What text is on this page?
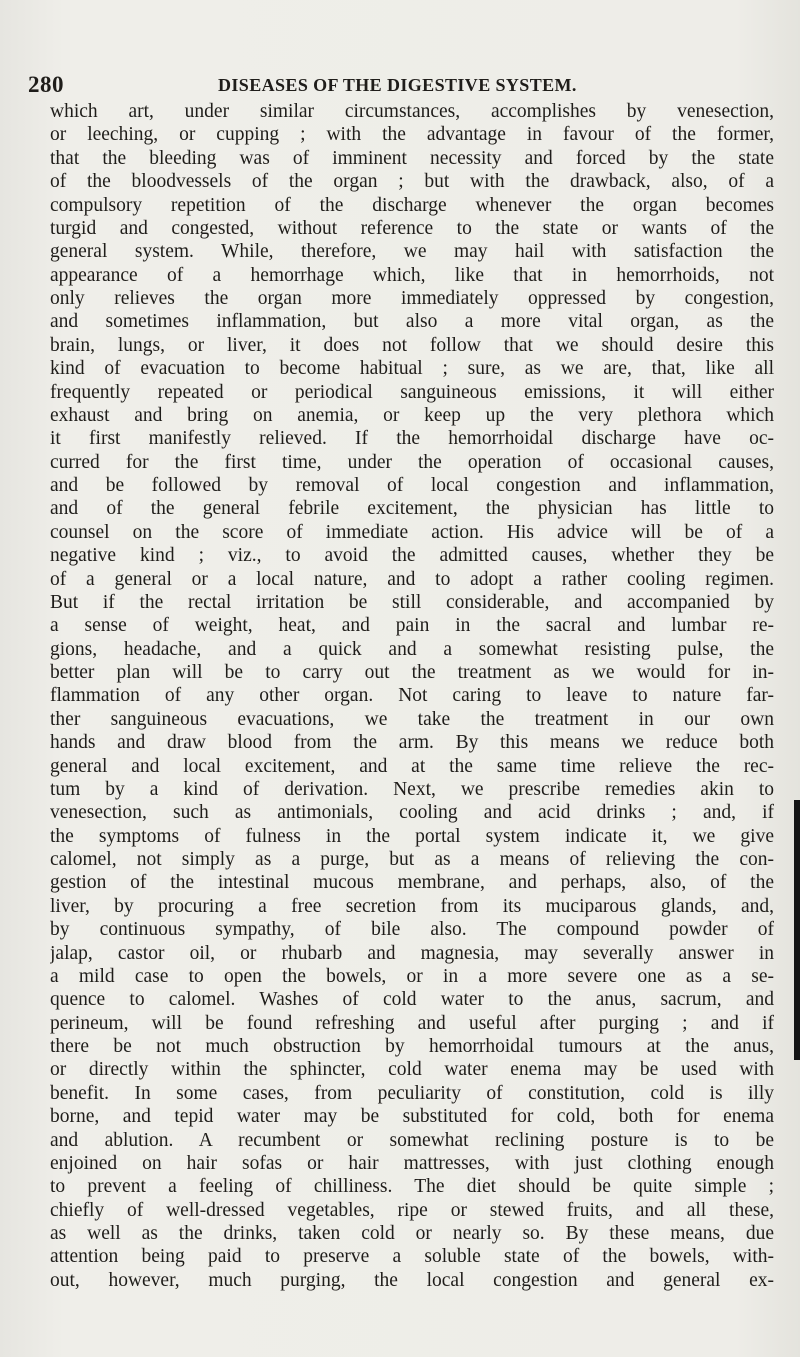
280	DISEASES OF THE DIGESTIVE SYSTEM.
which art, under similar circumstances, accomplishes by venesection,
or leeching, or cupping ; with the advantage in favour of the former,
that the bleeding was of imminent necessity and forced by the state
of the bloodvessels of the organ ; but with the drawback, also, of a
compulsory repetition of the discharge whenever the organ becomes
turgid and congested, without reference to the state or wants of the
general system. While, therefore, we may hail with satisfaction the
appearance of a hemorrhage which, like that in hemorrhoids, not
only relieves the organ more immediately oppressed by congestion,
and sometimes inflammation, but also a more vital organ, as the
brain, lungs, or liver, it does not follow that we should desire this
kind of evacuation to become habitual ; sure, as we are, that, like all
frequently repeated or periodical sanguineous emissions, it will either
exhaust and bring on anemia, or keep up the very plethora which
it first manifestly relieved. If the hemorrhoidal discharge have oc-
curred for the first time, under the operation of occasional causes,
and be followed by removal of local congestion and inflammation,
and of the general febrile excitement, the physician has little to
counsel on the score of immediate action. His advice will be of a
negative kind ; viz., to avoid the admitted causes, whether they be
of a general or a local nature, and to adopt a rather cooling regimen.
But if the rectal irritation be still considerable, and accompanied by
a sense of weight, heat, and pain in the sacral and lumbar re-
gions, headache, and a quick and a somewhat resisting pulse, the
better plan will be to carry out the treatment as we would for in-
flammation of any other organ. Not caring to leave to nature far-
ther sanguineous evacuations, we take the treatment in our own
hands and draw blood from the arm. By this means we reduce both
general and local excitement, and at the same time relieve the rec-
tum by a kind of derivation. Next, we prescribe remedies akin to
venesection, such as antimonials, cooling and acid drinks ; and, if
the symptoms of fulness in the portal system indicate it, we give
calomel, not simply as a purge, but as a means of relieving the con-
gestion of the intestinal mucous membrane, and perhaps, also, of the
liver, by procuring a free secretion from its muciparous glands, and,
by continuous sympathy, of bile also. The compound powder of
jalap, castor oil, or rhubarb and magnesia, may severally answer in
a mild case to open the bowels, or in a more severe one as a se-
quence to calomel. Washes of cold water to the anus, sacrum, and
perineum, will be found refreshing and useful after purging ; and if
there be not much obstruction by hemorrhoidal tumours at the anus,
or directly within the sphincter, cold water enema may be used with
benefit. In some cases, from peculiarity of constitution, cold is illy
borne, and tepid water may be substituted for cold, both for enema
and ablution. A recumbent or somewhat reclining posture is to be
enjoined on hair sofas or hair mattresses, with just clothing enough
to prevent a feeling of chilliness. The diet should be quite simple ;
chiefly of well-dressed vegetables, ripe or stewed fruits, and all these,
as well as the drinks, taken cold or nearly so. By these means, due
attention being paid to preserve a soluble state of the bowels, with-
out, however, much purging, the local congestion and general ex-
